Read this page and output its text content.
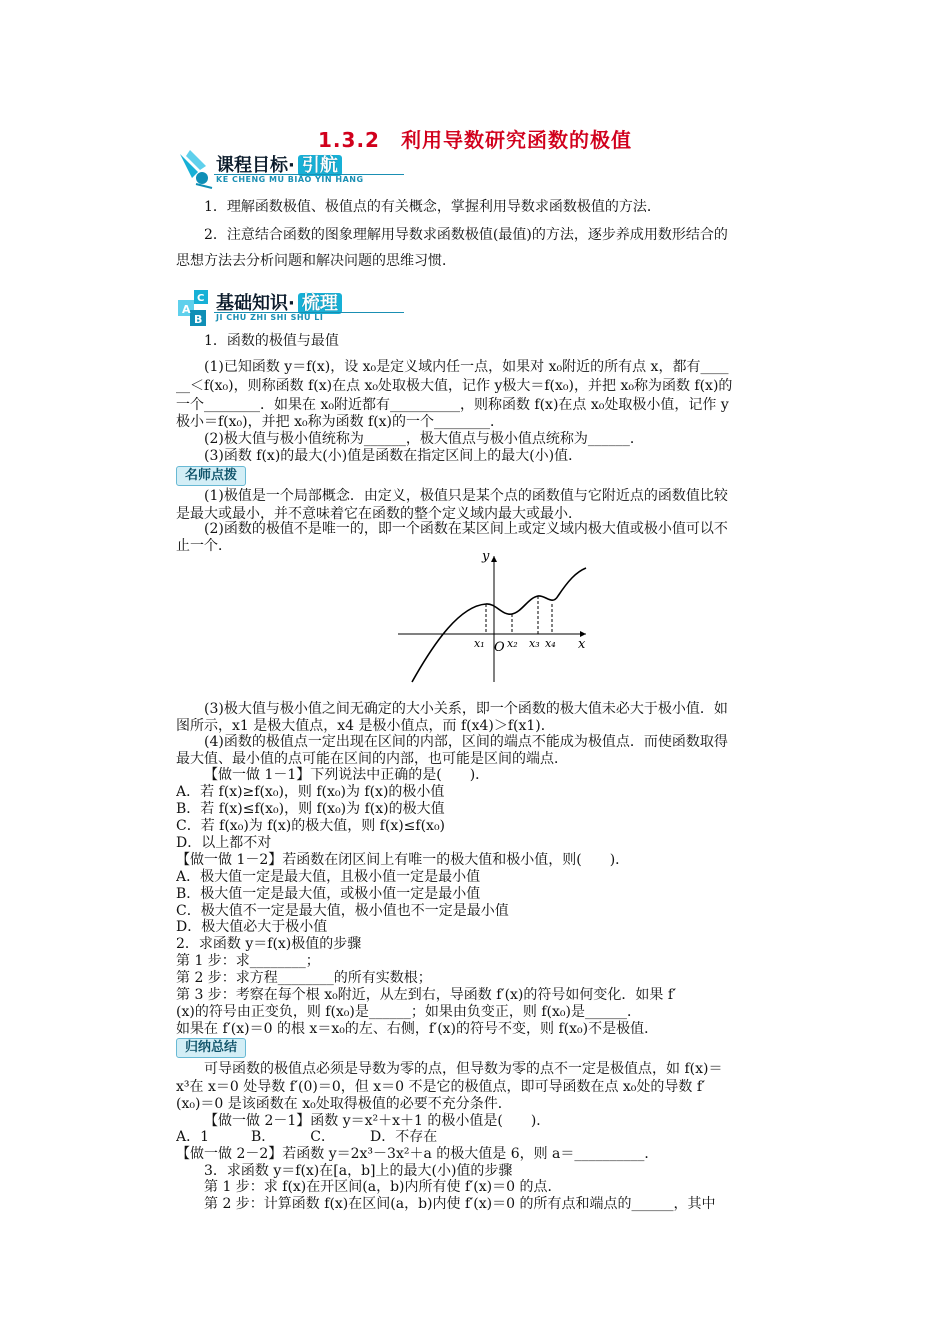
1.3.2　利用导数研究函数的极值
课程目标· 引航
KE CHENG MU BIAO YIN HANG
1．理解函数极值、极值点的有关概念，掌握利用导数求函数极值的方法．
2．注意结合函数的图象理解用导数求函数极值(最值)的方法，逐步养成用数形结合的
思想方法去分析问题和解决问题的思维习惯．
A
C
B
基础知识· 梳理
JI CHU ZHI SHI SHU LI
1．函数的极值与最值
(1)已知函数 y＝f(x)，设 x₀是定义域内任一点，如果对 x₀附近的所有点 x，都有____
__＜f(x₀)，则称函数 f(x)在点 x₀处取极大值，记作 y极大＝f(x₀)，并把 x₀称为函数 f(x)的
一个________．如果在 x₀附近都有__________，则称函数 f(x)在点 x₀处取极小值，记作 y
极小＝f(x₀)，并把 x₀称为函数 f(x)的一个________．
(2)极大值与极小值统称为______，极大值点与极小值点统称为______．
(3)函数 f(x)的最大(小)值是函数在指定区间上的最大(小)值．
名师点拨
(1)极值是一个局部概念．由定义，极值只是某个点的函数值与它附近点的函数值比较
是最大或最小，并不意味着它在函数的整个定义域内最大或最小．
(2)函数的极值不是唯一的，即一个函数在某区间上或定义域内极大值或极小值可以不
止一个．
y
x
O
x₁ x₂ x₃ x₄
(3)极大值与极小值之间无确定的大小关系，即一个函数的极大值未必大于极小值．如
图所示，x1 是极大值点，x4 是极小值点，而 f(x4)＞f(x1)．
(4)函数的极值点一定出现在区间的内部，区间的端点不能成为极值点．而使函数取得
最大值、最小值的点可能在区间的内部，也可能是区间的端点．
【做一做 1－1】下列说法中正确的是(　　)．
A．若 f(x)≥f(x₀)，则 f(x₀)为 f(x)的极小值
B．若 f(x)≤f(x₀)，则 f(x₀)为 f(x)的极大值
C．若 f(x₀)为 f(x)的极大值，则 f(x)≤f(x₀)
D．以上都不对
【做一做 1－2】若函数在闭区间上有唯一的极大值和极小值，则(　　)．
A．极大值一定是最大值，且极小值一定是最小值
B．极大值一定是最大值，或极小值一定是最小值
C．极大值不一定是最大值，极小值也不一定是最小值
D．极大值必大于极小值
2．求函数 y＝f(x)极值的步骤
第 1 步：求________；
第 2 步：求方程________的所有实数根；
第 3 步：考察在每个根 x₀附近，从左到右，导函数 f′(x)的符号如何变化．如果 f′
(x)的符号由正变负，则 f(x₀)是______；如果由负变正，则 f(x₀)是______．
如果在 f′(x)＝0 的根 x＝x₀的左、右侧，f′(x)的符号不变，则 f(x₀)不是极值．
归纳总结
可导函数的极值点必须是导数为零的点，但导数为零的点不一定是极值点，如 f(x)＝
x³在 x＝0 处导数 f′(0)＝0，但 x＝0 不是它的极值点，即可导函数在点 x₀处的导数 f′
(x₀)＝0 是该函数在 x₀处取得极值的必要不充分条件．
【做一做 2－1】函数 y＝x²＋x＋1 的极小值是(　　)．
A．1　　　B．　　　C．　　　D．不存在
【做一做 2－2】若函数 y＝2x³－3x²＋a 的极大值是 6，则 a＝__________．
3．求函数 y＝f(x)在[a，b]上的最大(小)值的步骤
第 1 步：求 f(x)在开区间(a，b)内所有使 f′(x)＝0 的点．
第 2 步：计算函数 f(x)在区间(a，b)内使 f′(x)＝0 的所有点和端点的______，其中
